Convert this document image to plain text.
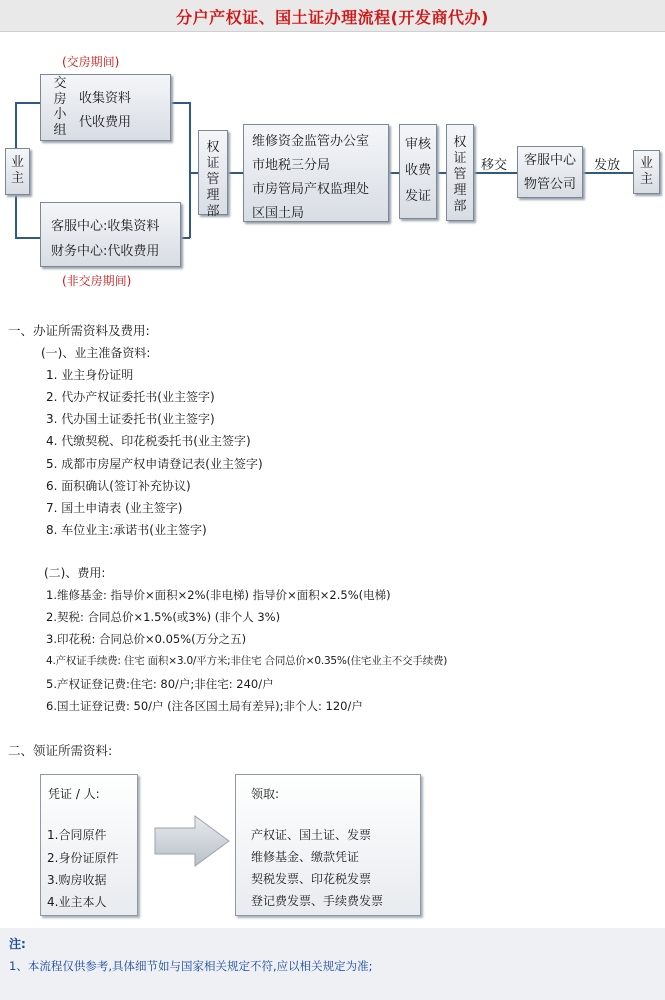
分户产权证、国土证办理流程(开发商代办)
(交房期间)
(非交房期间)
业
主
交
房
小
组
收集资料
代收费用
客服中心:收集资料
财务中心:代收费用
权
证
管
理
部
维修资金监管办公室
市地税三分局
市房管局产权监理处
区国土局
审核
收费
发证
权
证
管
理
部
移交	客服中心
物管公司
发放	业
主
一、办证所需资料及费用:
(一)、业主准备资料:
1. 业主身份证明
2. 代办产权证委托书(业主签字)
3. 代办国土证委托书(业主签字)
4. 代缴契税、印花税委托书(业主签字)
5. 成都市房屋产权申请登记表(业主签字)
6. 面积确认(签订补充协议)
7. 国土申请表 (业主签字)
8. 车位业主:承诺书(业主签字)
(二)、费用:
1.维修基金: 指导价×面积×2%(非电梯) 指导价×面积×2.5%(电梯)
2.契税: 合同总价×1.5%(或3%) (非个人 3%)
3.印花税: 合同总价×0.05%(万分之五)
4.产权证手续费: 住宅 面积×3.0/平方米;非住宅 合同总价×0.35%(住宅业主不交手续费)
5.产权证登记费:住宅: 80/户;非住宅: 240/户
6.国土证登记费: 50/户 (注各区国土局有差异);非个人: 120/户
二、领证所需资料:
凭证 / 人:
1.合同原件
2.身份证原件
3.购房收据
4.业主本人
领取:
产权证、国土证、发票
维修基金、缴款凭证
契税发票、印花税发票
登记费发票、手续费发票
注:
1、本流程仅供参考,具体细节如与国家相关规定不符,应以相关规定为准;
